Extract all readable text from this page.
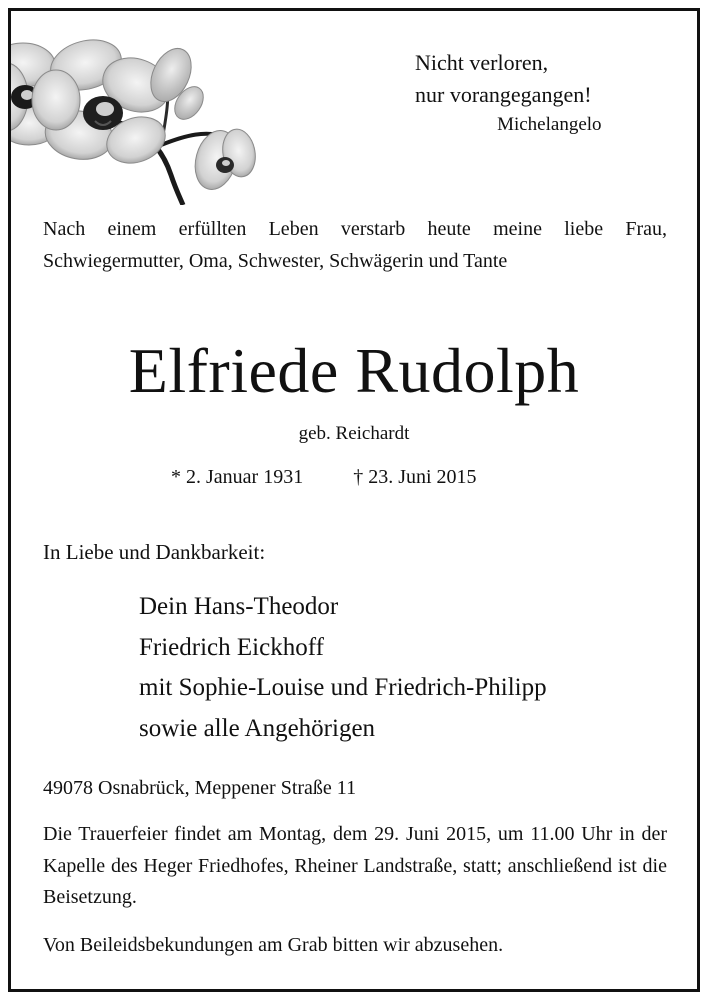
Nicht verloren,
nur vorangegangen!
Michelangelo
Nach einem erfüllten Leben verstarb heute meine liebe Frau, Schwiegermutter, Oma, Schwester, Schwägerin und Tante
Elfriede Rudolph
geb. Reichardt
* 2. Januar 1931	† 23. Juni 2015
In Liebe und Dankbarkeit:
Dein Hans-Theodor
Friedrich Eickhoff
mit Sophie-Louise und Friedrich-Philipp
sowie alle Angehörigen
49078 Osnabrück, Meppener Straße 11
Die Trauerfeier findet am Montag, dem 29. Juni 2015, um 11.00 Uhr in der Kapelle des Heger Friedhofes, Rheiner Landstraße, statt; anschließend ist die Beisetzung.
Von Beileidsbekundungen am Grab bitten wir abzusehen.
